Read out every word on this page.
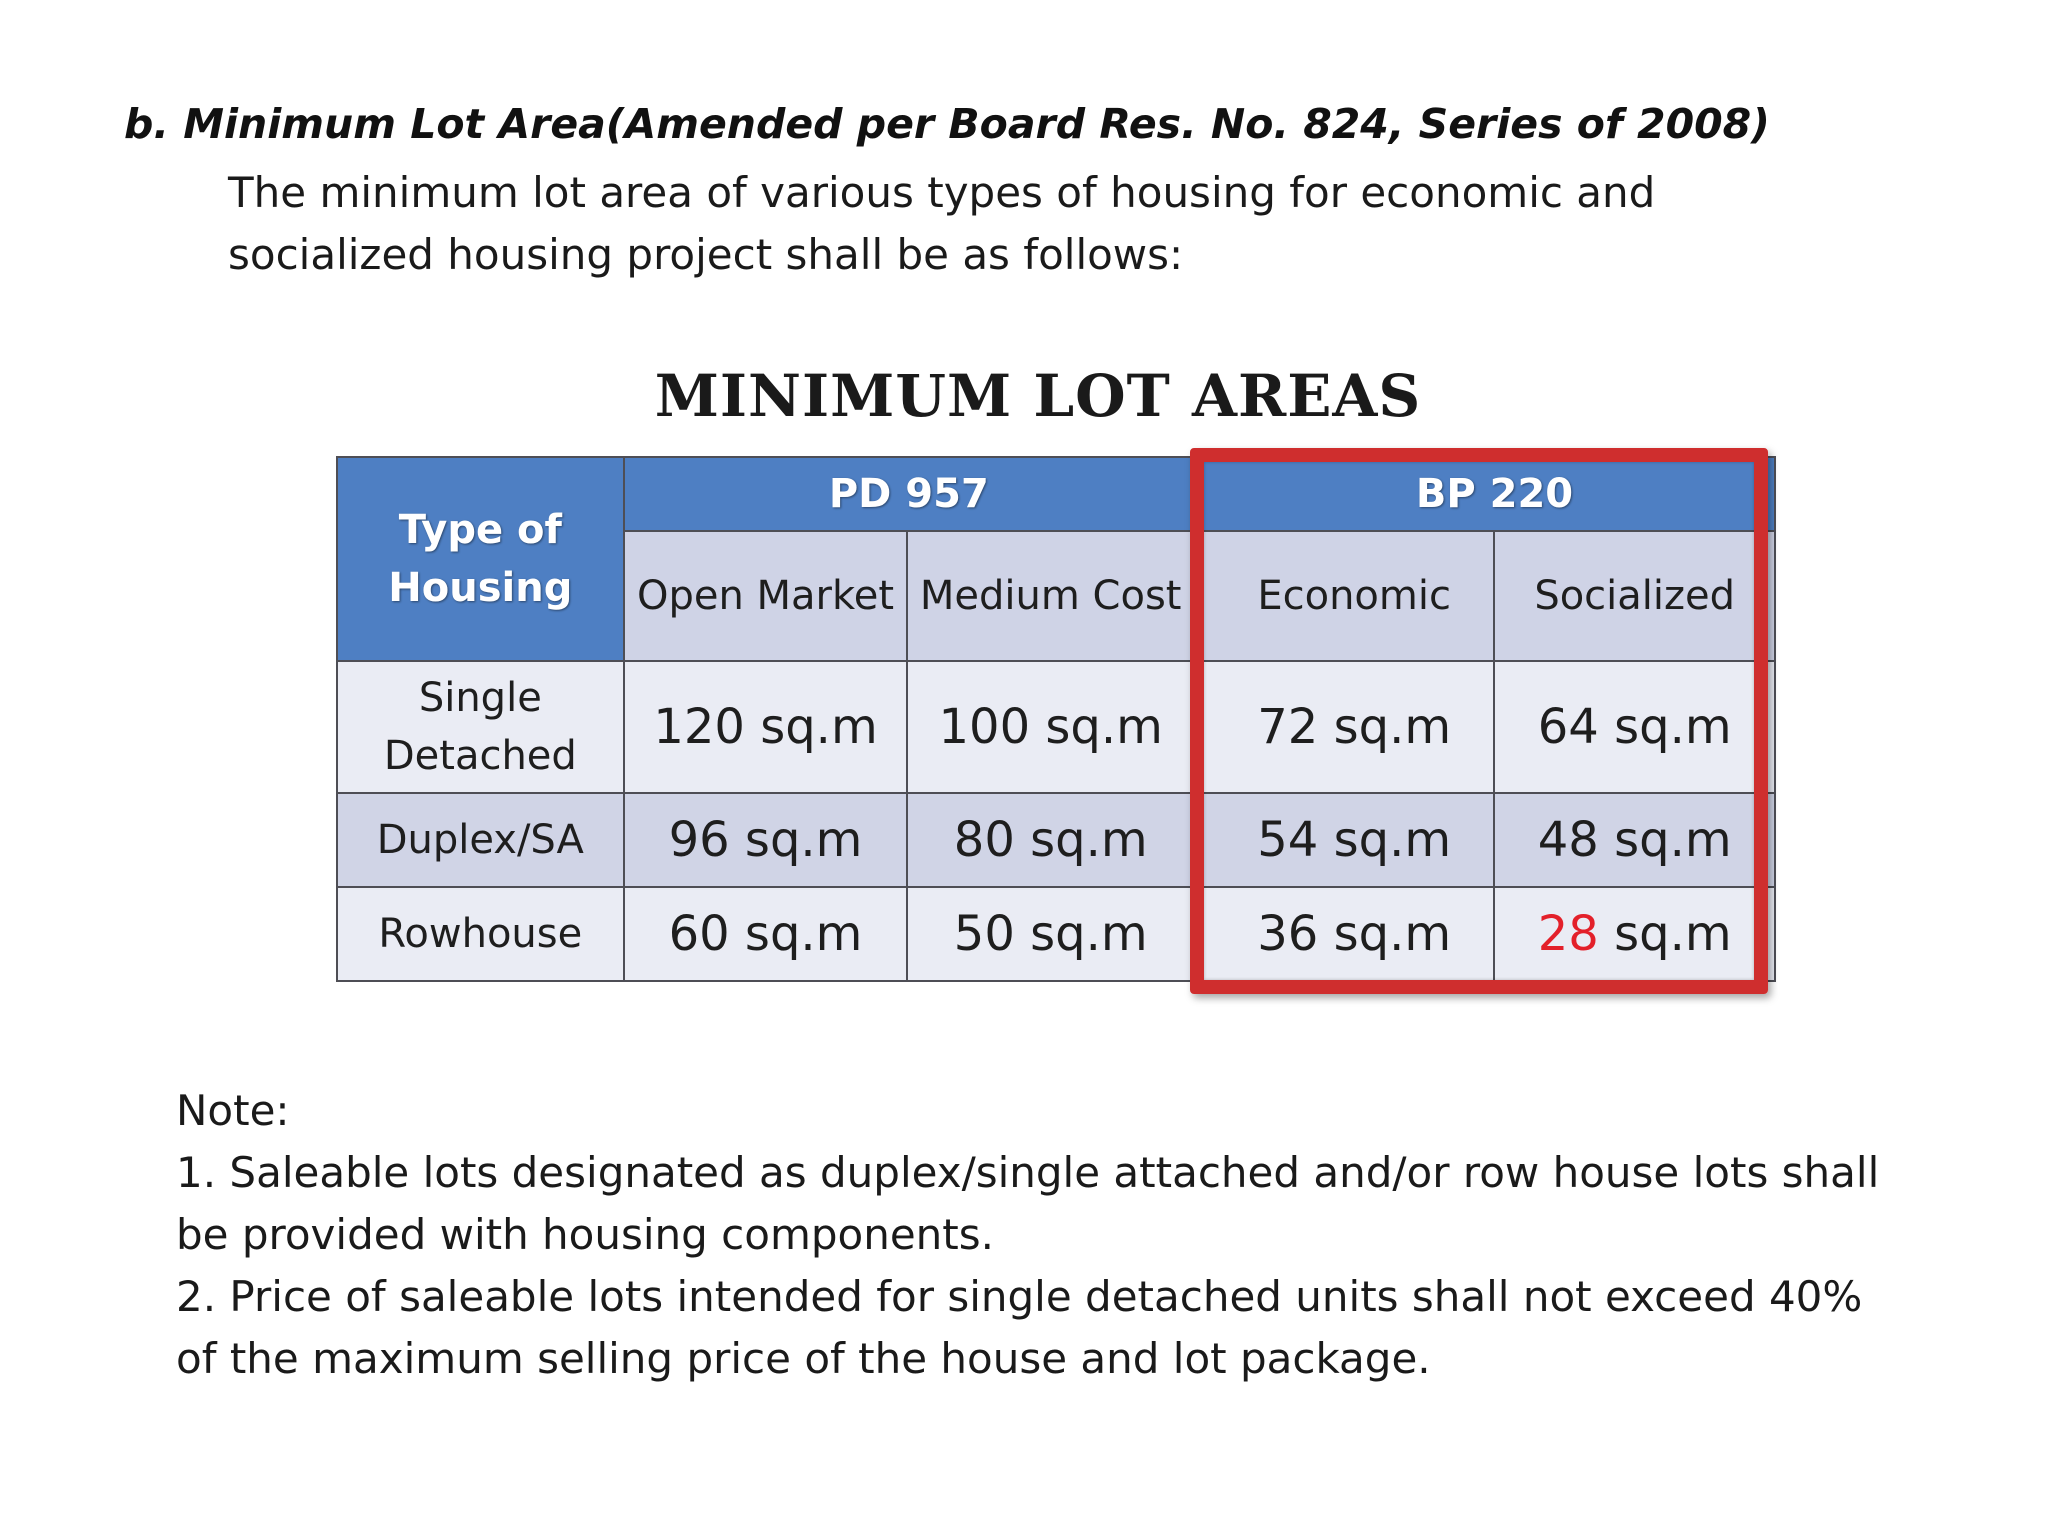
b. Minimum Lot Area(Amended per Board Res. No. 824, Series of 2008)

The minimum lot area of various types of housing for economic and socialized housing project shall be as follows:

MINIMUM LOT AREAS
Type of Housing	PD 957		BP 220	
	Open Market	Medium Cost	Economic	Socialized
Single Detached	120 sq.m	100 sq.m	72 sq.m	64 sq.m
Duplex/SA	96 sq.m	80 sq.m	54 sq.m	48 sq.m
Rowhouse	60 sq.m	50 sq.m	36 sq.m	28 sq.m

Note:

1. Saleable lots designated as duplex/single attached and/or row house lots shall be provided with housing components.

2. Price of saleable lots intended for single detached units shall not exceed 40% of the maximum selling price of the house and lot package.
